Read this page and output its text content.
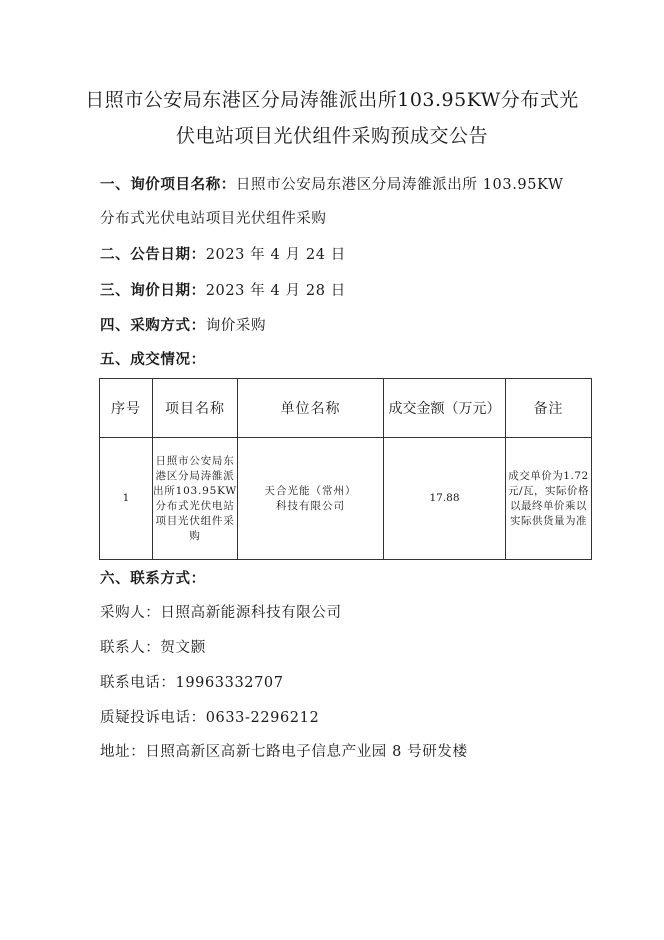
日照市公安局东港区分局涛雒派出所103.95KW分布式光
伏电站项目光伏组件采购预成交公告
一、询价项目名称：日照市公安局东港区分局涛雒派出所 103.95KW
分布式光伏电站项目光伏组件采购
二、公告日期：2023 年 4 月 24 日
三、询价日期：2023 年 4 月 28 日
四、采购方式：询价采购
五、成交情况：
序号	项目名称	单位名称	成交金额（万元）	备注
1	日照市公安局东港区分局涛雒派出所103.95KW分布式光伏电站项目光伏组件采购	天合光能（常州）科技有限公司	17.88	成交单价为1.72元/瓦，实际价格以最终单价乘以实际供货量为准
六、联系方式：
采购人：日照高新能源科技有限公司
联系人：贺文颢
联系电话：19963332707
质疑投诉电话：0633-2296212
地址：日照高新区高新七路电子信息产业园 8 号研发楼
